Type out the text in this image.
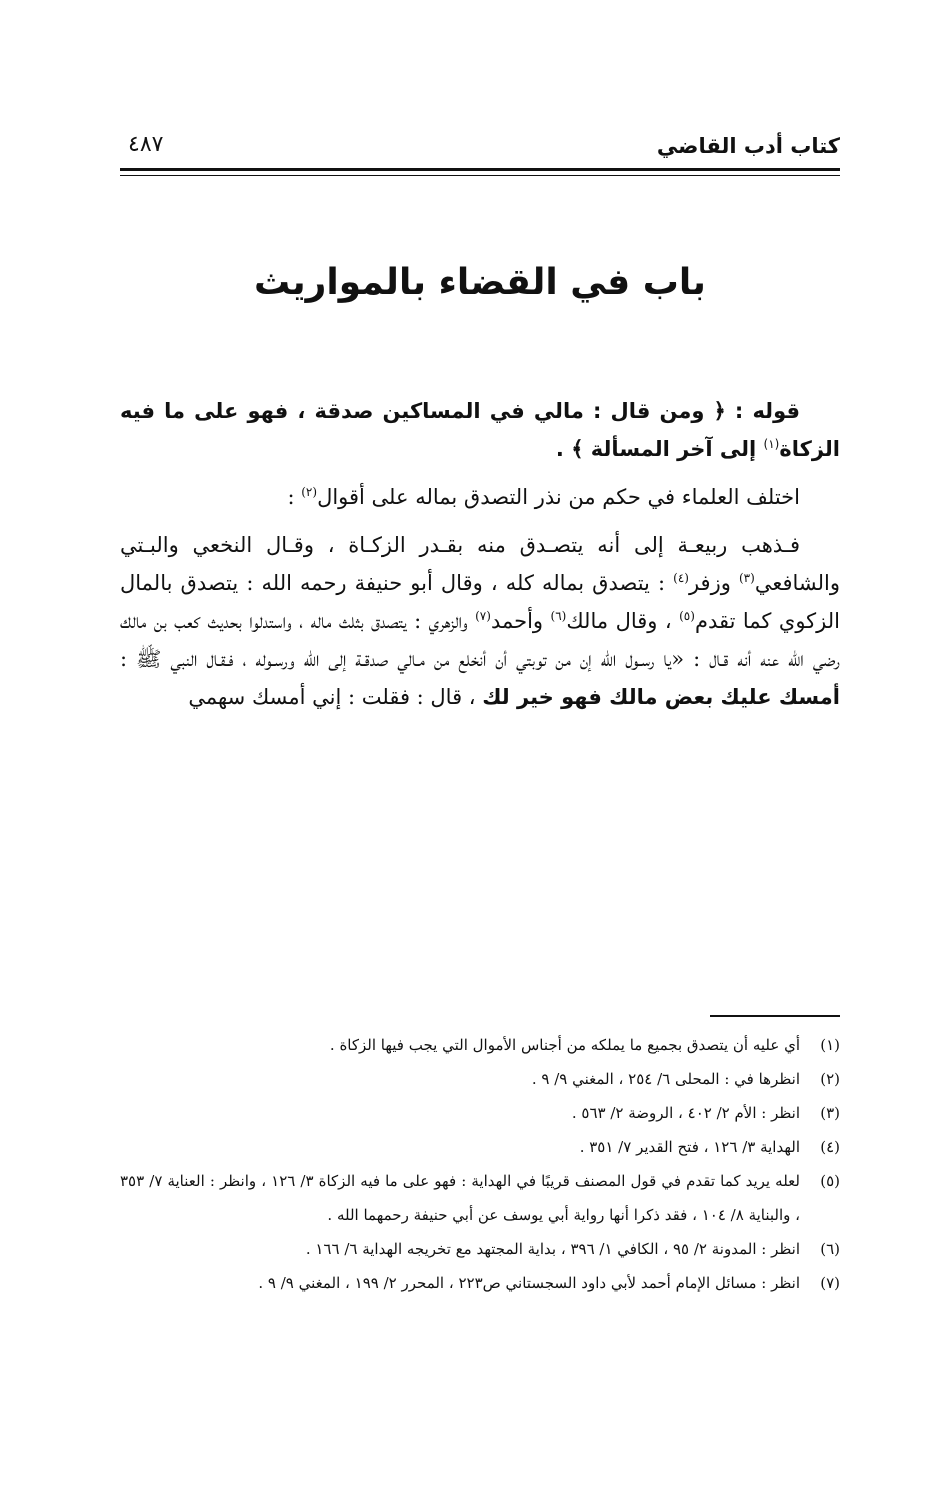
كتاب أدب القاضي
٤٨٧
باب في القضاء بالمواريث

قوله : ﴿ ومن قال : مالي في المساكين صدقة ، فهو على ما فيه الزكاة$^{(١)}$ إلى آخر المسألة ﴾ .

اختلف العلماء في حكم من نذر التصدق بماله على أقوال$^{(٢)}$ :

فـذهب ربيعـة إلى أنه يتصـدق منه بقـدر الزكـاة ، وقـال النخعي والبـتي والشافعي$^{(٣)}$ وزفر$^{(٤)}$ : يتصدق بماله كله ، وقال أبو حنيفة رحمه الله : يتصدق بالمال الزكوي كما تقدم$^{(٥)}$ ، وقال مالك$^{(٦)}$ وأحمد$^{(٧)}$ والزهري : يتصدق بثلث ماله ، واستدلوا بحديث كعب بن مالك رضي الله عنه أنه قـال : «يا رسـول الله إن من توبتي أن أنخلع من مـالي صدقـة إلى الله ورسـوله ، فـقـال النبي ﷺ : أمسك عليك بعض مالك فهو خير لك ، قال : فقلت : إني أمسك سهمي

(١)
أي عليه أن يتصدق بجميع ما يملكه من أجناس الأموال التي يجب فيها الزكاة .
(٢)
انظرها في : المحلى ٦/ ٢٥٤ ، المغني ٩/ ٩ .
(٣)
انظر : الأم ٢/ ٤٠٢ ، الروضة ٢/ ٥٦٣ .
(٤)
الهداية ٣/ ١٢٦ ، فتح القدير ٧/ ٣٥١ .
(٥)
لعله يريد كما تقدم في قول المصنف قريبًا في الهداية : فهو على ما فيه الزكاة ٣/ ١٢٦ ، وانظر : العناية ٧/ ٣٥٣ ، والبناية ٨/ ١٠٤ ، فقد ذكرا أنها رواية أبي يوسف عن أبي حنيفة رحمهما الله .
(٦)
انظر : المدونة ٢/ ٩٥ ، الكافي ١/ ٣٩٦ ، بداية المجتهد مع تخريجه الهداية ٦/ ١٦٦ .
(٧)
انظر : مسائل الإمام أحمد لأبي داود السجستاني ص٢٢٣ ، المحرر ٢/ ١٩٩ ، المغني ٩/ ٩ .
